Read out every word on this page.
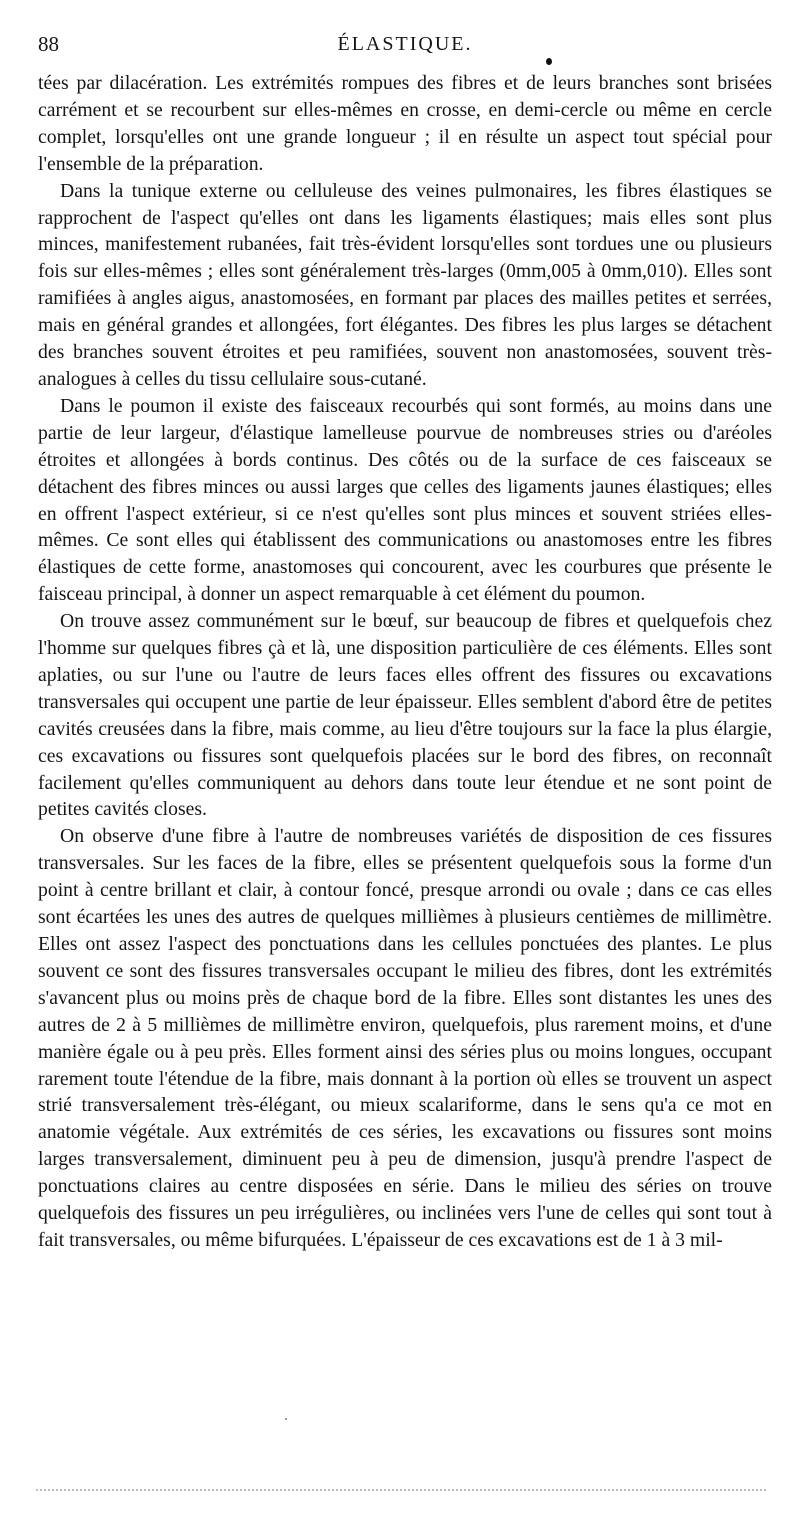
88	ÉLASTIQUE.

tées par dilacération. Les extrémités rompues des fibres et de leurs branches sont brisées carrément et se recourbent sur elles-mêmes en crosse, en demi-cercle ou même en cercle complet, lorsqu'elles ont une grande longueur ; il en résulte un aspect tout spécial pour l'ensemble de la préparation.

Dans la tunique externe ou celluleuse des veines pulmonaires, les fibres élastiques se rapprochent de l'aspect qu'elles ont dans les ligaments élastiques; mais elles sont plus minces, manifestement rubanées, fait très-évident lorsqu'elles sont tordues une ou plusieurs fois sur elles-mêmes ; elles sont généralement très-larges (0mm,005 à 0mm,010). Elles sont ramifiées à angles aigus, anastomosées, en formant par places des mailles petites et serrées, mais en général grandes et allongées, fort élégantes. Des fibres les plus larges se détachent des branches souvent étroites et peu ramifiées, souvent non anastomosées, souvent très-analogues à celles du tissu cellulaire sous-cutané.

Dans le poumon il existe des faisceaux recourbés qui sont formés, au moins dans une partie de leur largeur, d'élastique lamelleuse pourvue de nombreuses stries ou d'aréoles étroites et allongées à bords continus. Des côtés ou de la surface de ces faisceaux se détachent des fibres minces ou aussi larges que celles des ligaments jaunes élastiques; elles en offrent l'aspect extérieur, si ce n'est qu'elles sont plus minces et souvent striées elles-mêmes. Ce sont elles qui établissent des communications ou anastomoses entre les fibres élastiques de cette forme, anastomoses qui concourent, avec les courbures que présente le faisceau principal, à donner un aspect remarquable à cet élément du poumon.

On trouve assez communément sur le bœuf, sur beaucoup de fibres et quelquefois chez l'homme sur quelques fibres çà et là, une disposition particulière de ces éléments. Elles sont aplaties, ou sur l'une ou l'autre de leurs faces elles offrent des fissures ou excavations transversales qui occupent une partie de leur épaisseur. Elles semblent d'abord être de petites cavités creusées dans la fibre, mais comme, au lieu d'être toujours sur la face la plus élargie, ces excavations ou fissures sont quelquefois placées sur le bord des fibres, on reconnaît facilement qu'elles communiquent au dehors dans toute leur étendue et ne sont point de petites cavités closes.

On observe d'une fibre à l'autre de nombreuses variétés de disposition de ces fissures transversales. Sur les faces de la fibre, elles se présentent quelquefois sous la forme d'un point à centre brillant et clair, à contour foncé, presque arrondi ou ovale ; dans ce cas elles sont écartées les unes des autres de quelques millièmes à plusieurs centièmes de millimètre. Elles ont assez l'aspect des ponctuations dans les cellules ponctuées des plantes. Le plus souvent ce sont des fissures transversales occupant le milieu des fibres, dont les extrémités s'avancent plus ou moins près de chaque bord de la fibre. Elles sont distantes les unes des autres de 2 à 5 millièmes de millimètre environ, quelquefois, plus rarement moins, et d'une manière égale ou à peu près. Elles forment ainsi des séries plus ou moins longues, occupant rarement toute l'étendue de la fibre, mais donnant à la portion où elles se trouvent un aspect strié transversalement très-élégant, ou mieux scalariforme, dans le sens qu'a ce mot en anatomie végétale. Aux extrémités de ces séries, les excavations ou fissures sont moins larges transversalement, diminuent peu à peu de dimension, jusqu'à prendre l'aspect de ponctuations claires au centre disposées en série. Dans le milieu des séries on trouve quelquefois des fissures un peu irrégulières, ou inclinées vers l'une de celles qui sont tout à fait transversales, ou même bifurquées. L'épaisseur de ces excavations est de 1 à 3 mil-
